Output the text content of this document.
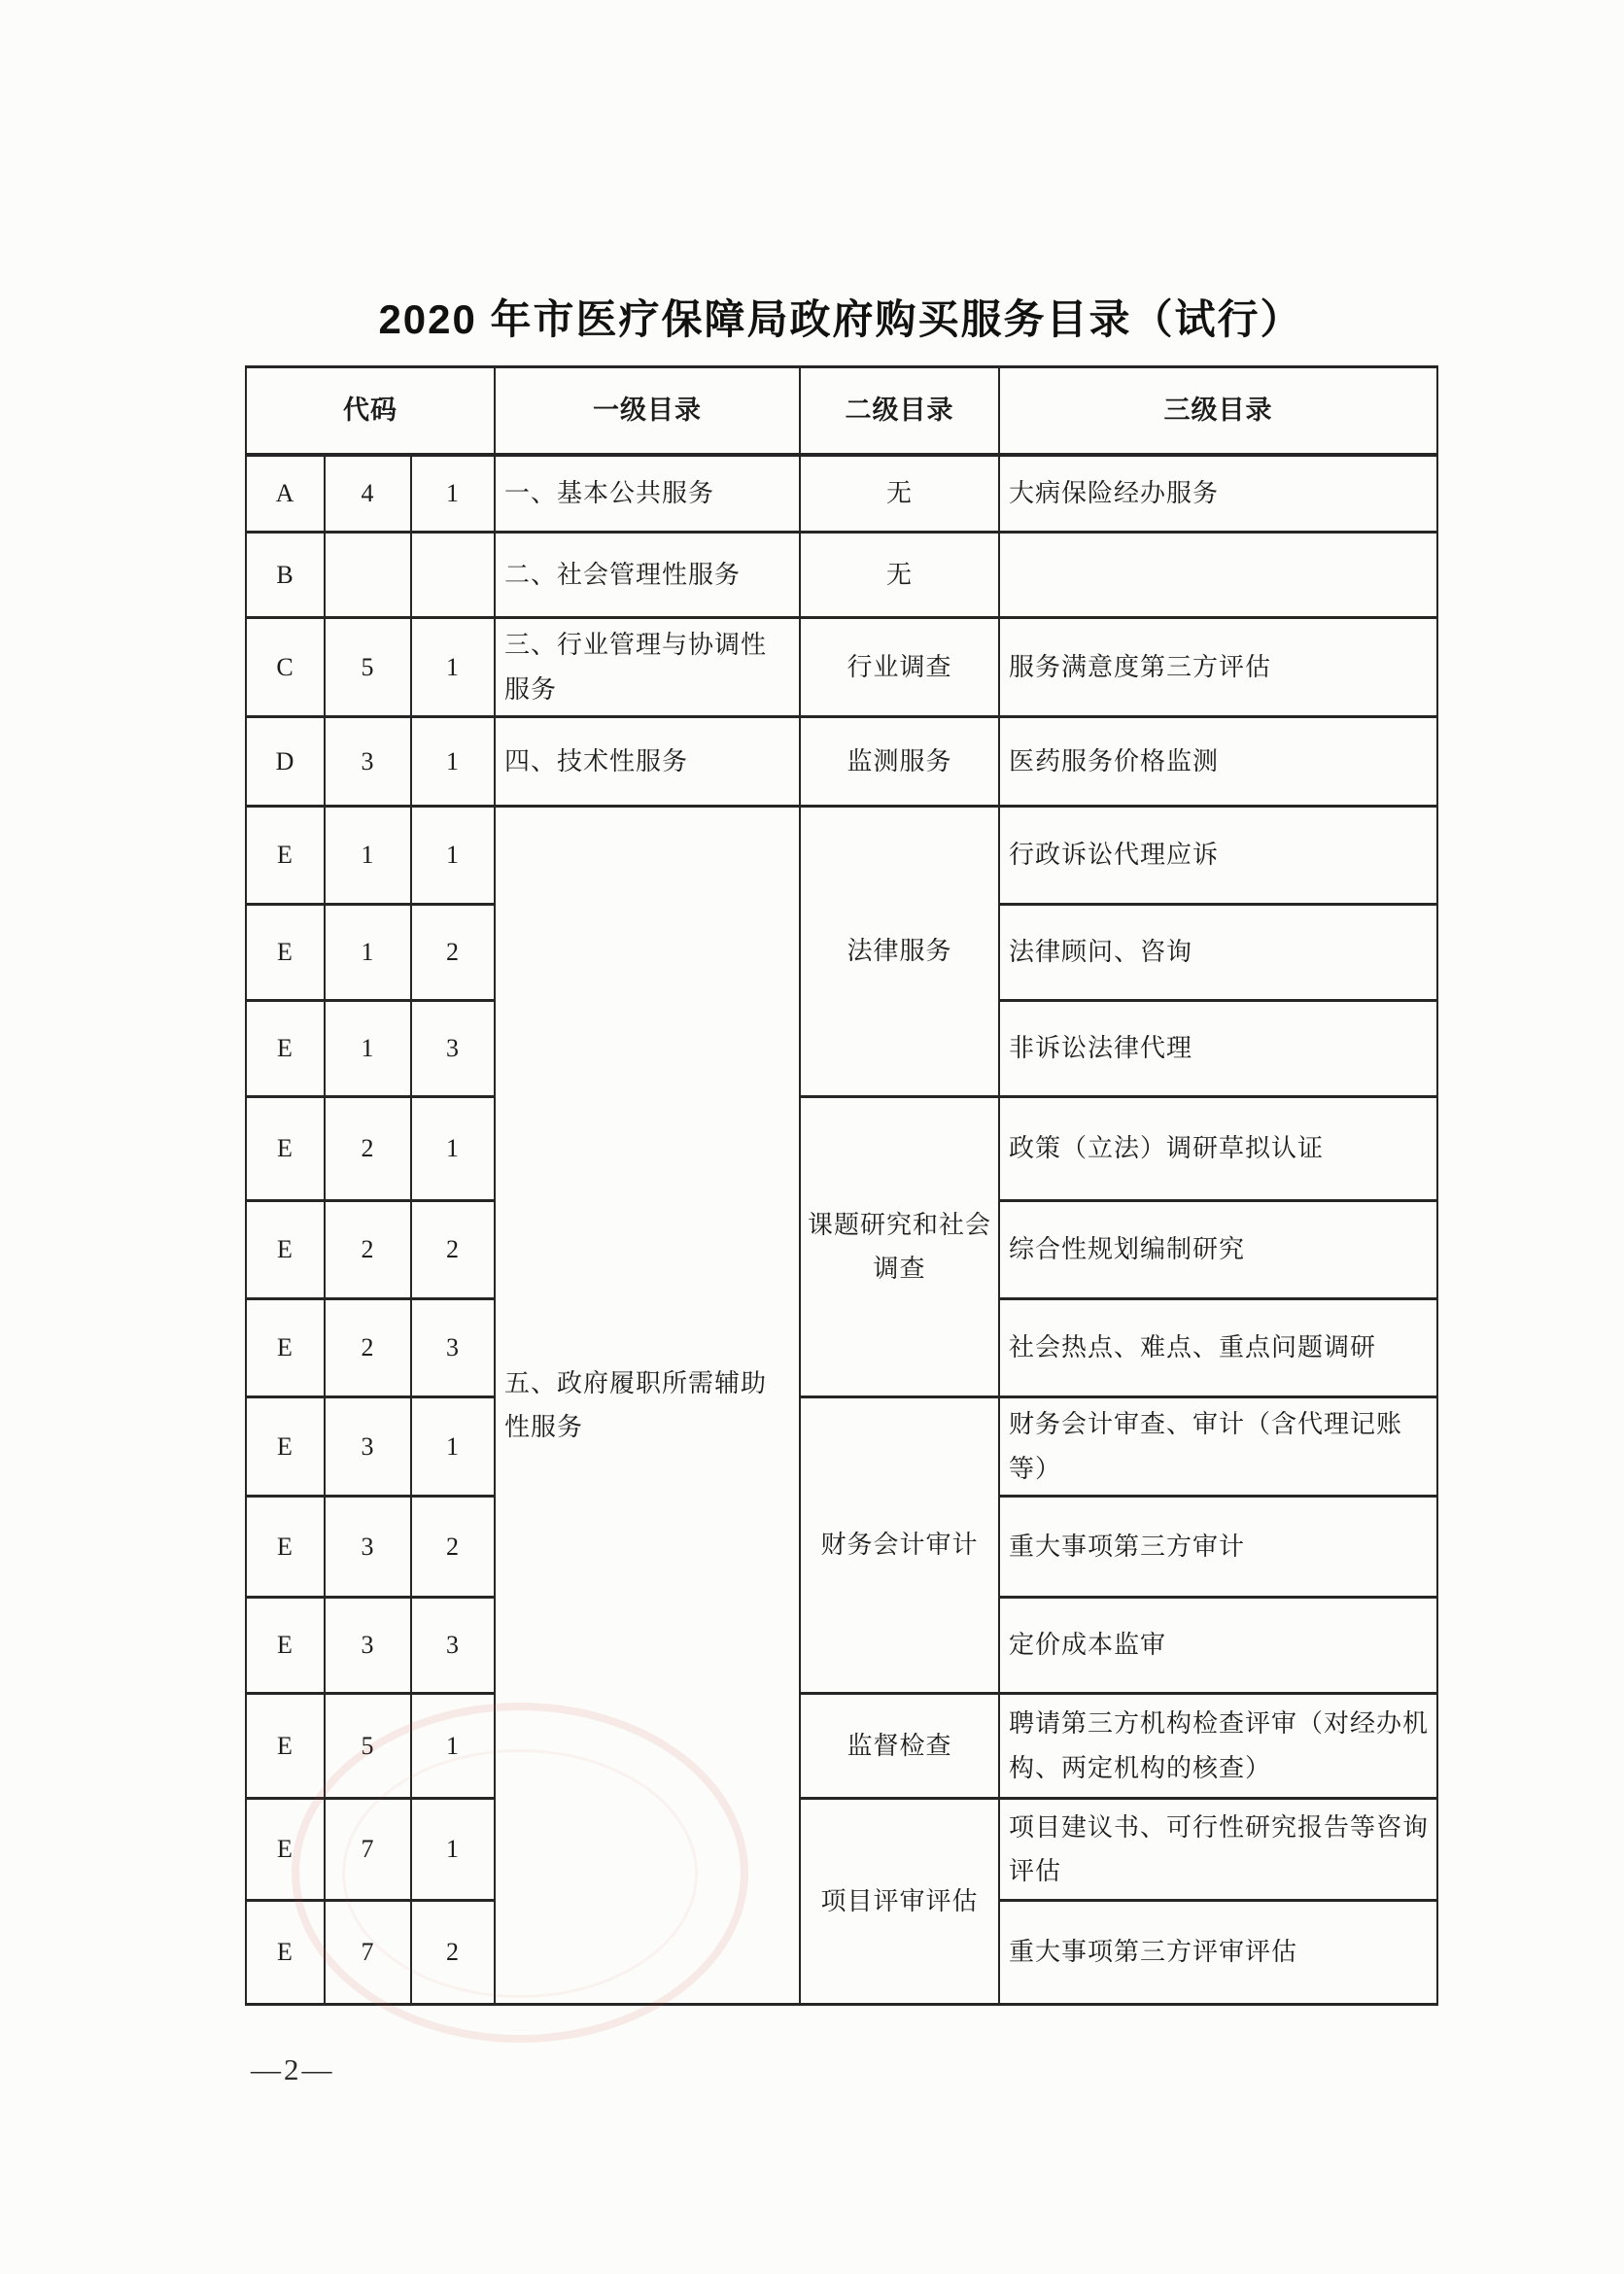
2020 年市医疗保障局政府购买服务目录（试行）
代码			一级目录	二级目录	三级目录
A	4	1	一、基本公共服务	无	大病保险经办服务
B			二、社会管理性服务	无	
C	5	1	三、行业管理与协调性服务	行业调查	服务满意度第三方评估
D	3	1	四、技术性服务	监测服务	医药服务价格监测
E	1	1	五、政府履职所需辅助性服务	法律服务	行政诉讼代理应诉
E	1	2			法律顾问、咨询
E	1	3			非诉讼法律代理
E	2	1		课题研究和社会调查	政策（立法）调研草拟认证
E	2	2			综合性规划编制研究
E	2	3			社会热点、难点、重点问题调研
E	3	1		财务会计审计	财务会计审查、审计（含代理记账等）
E	3	2			重大事项第三方审计
E	3	3			定价成本监审
E	5	1		监督检查	聘请第三方机构检查评审（对经办机构、两定机构的核查）
E	7	1		项目评审评估	项目建议书、可行性研究报告等咨询评估
E	7	2			重大事项第三方评审评估
—2—
